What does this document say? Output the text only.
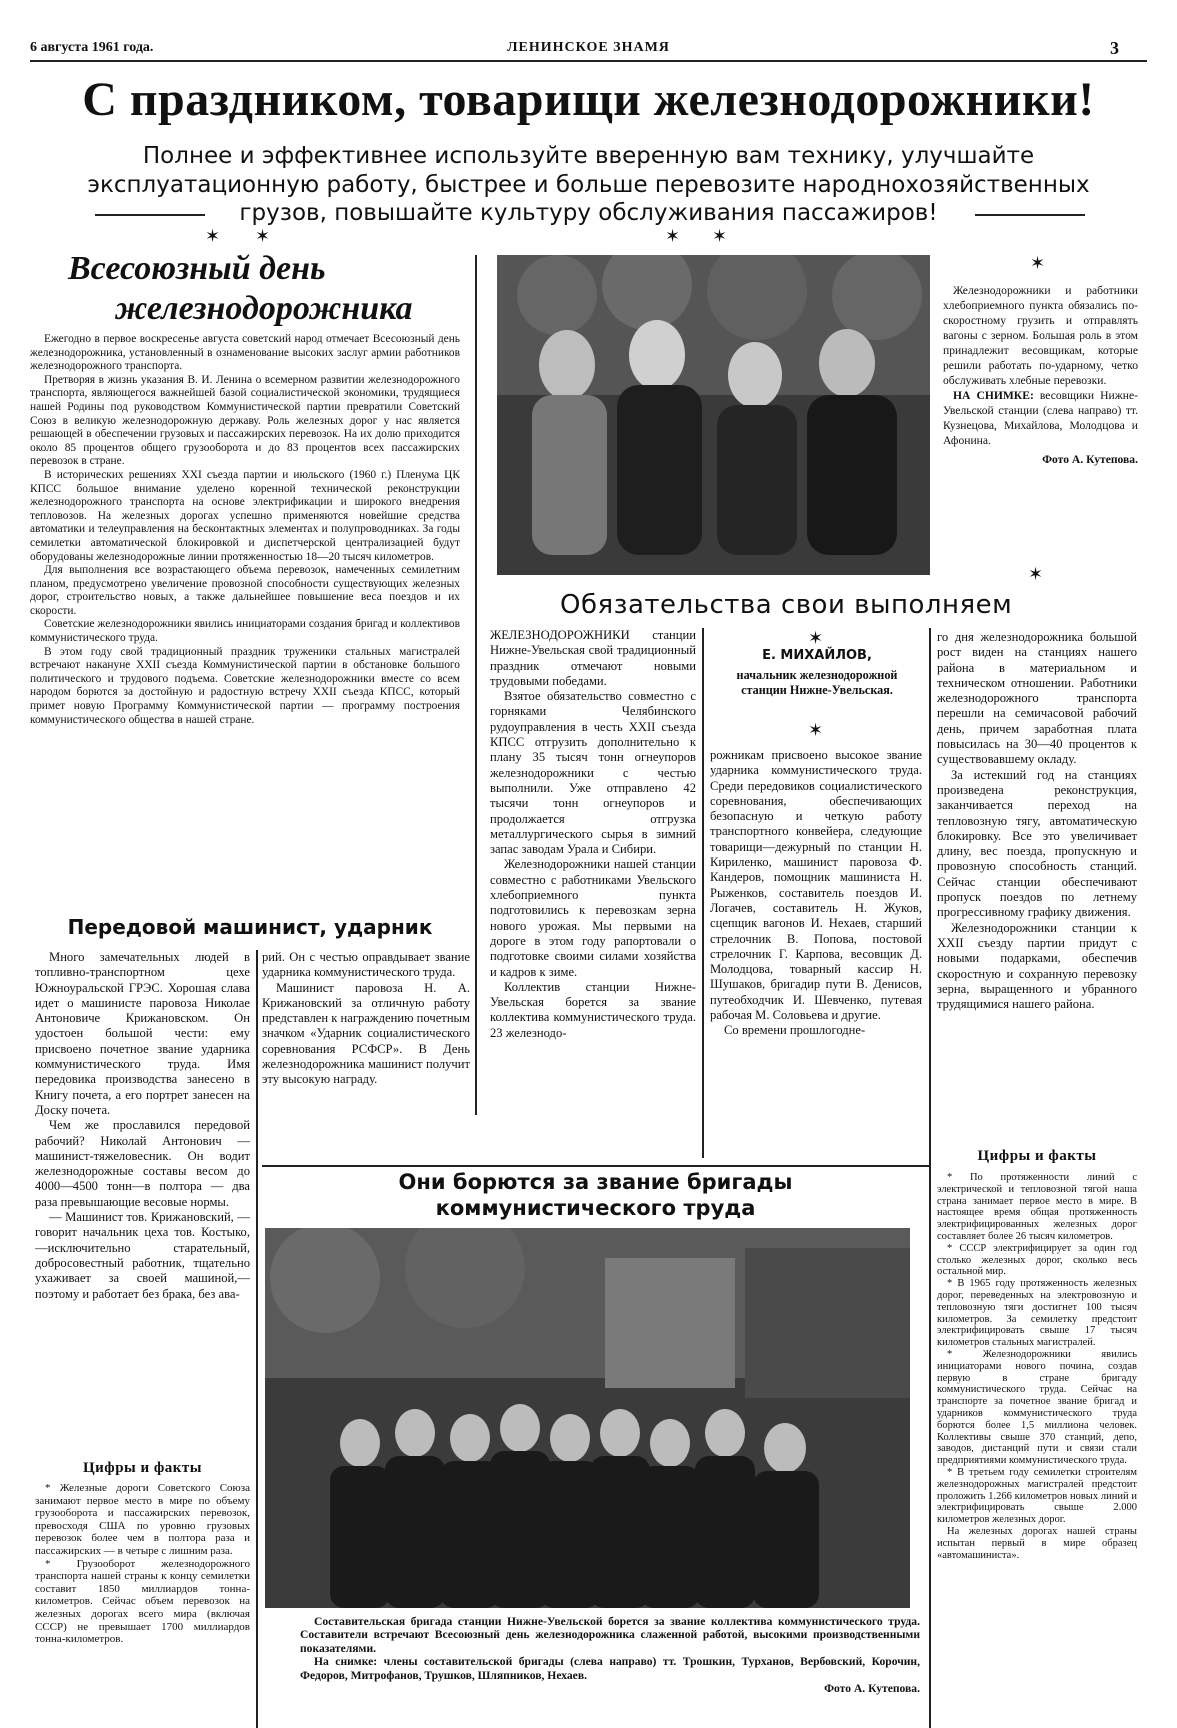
6 августа 1961 года.	ЛЕНИНСКОЕ ЗНАМЯ	3
С праздником, товарищи железнодорожники!
Полнее и эффективнее используйте вверенную вам технику, улучшайте
эксплуатационную работу, быстрее и больше перевозите народнохозяйственных
грузов, повышайте культуру обслуживания пассажиров!
✶ ✶	✶ ✶
Всесоюзный день
железнодорожника

Ежегодно в первое воскресенье августа советский народ отмечает Всесоюзный день железнодорожника, установленный в ознаменование высоких заслуг армии работников железнодорожного транспорта.

Претворяя в жизнь указания В. И. Ленина о всемерном развитии железнодорожного транспорта, являющегося важнейшей базой социалистической экономики, трудящиеся нашей Родины под руководством Коммунистической партии превратили Советский Союз в великую железнодорожную державу. Роль железных дорог у нас является решающей в обеспечении грузовых и пассажирских перевозок. На их долю приходится около 85 процентов общего грузооборота и до 83 процентов всех пассажирских перевозок в стране.

В исторических решениях XXI съезда партии и июльского (1960 г.) Пленума ЦК КПСС большое внимание уделено коренной технической реконструкции железнодорожного транспорта на основе электрификации и широкого внедрения тепловозов. На железных дорогах успешно применяются новейшие средства автоматики и телеуправления на бесконтактных элементах и полупроводниках. За годы семилетки автоматической блокировкой и диспетчерской централизацией будут оборудованы железнодорожные линии протяженностью 18—20 тысяч километров.

Для выполнения все возрастающего объема перевозок, намеченных семилетним планом, предусмотрено увеличение провозной способности существующих железных дорог, строительство новых, а также дальнейшее повышение веса поездов и их скорости.

Советские железнодорожники явились инициаторами создания бригад и коллективов коммунистического труда.

В этом году свой традиционный праздник труженики стальных магистралей встречают накануне XXII съезда Коммунистической партии в обстановке большого политического и трудового подъема. Советские железнодорожники вместе со всем народом борются за достойную и радостную встречу XXII съезда КПСС, который примет новую Программу Коммунистической партии — программу построения коммунистического общества в нашей стране.

✶

Железнодорожники и работники хлебоприемного пункта обязались по-скоростному грузить и отправлять вагоны с зерном. Большая роль в этом принадлежит весовщикам, которые решили работать по-ударному, четко обслуживать хлебные перевозки.

НА СНИМКЕ: весовщики Нижне-Увельской станции (слева направо) тт. Кузнецова, Михайлова, Молодцова и Афонина.

Фото А. Кутепова.

✶
Обязательства свои выполняем

ЖЕЛЕЗНОДОРОЖНИКИ станции Нижне-Увельская свой традиционный праздник отмечают новыми трудовыми победами.

Взятое обязательство совместно с горняками Челябинского рудоуправления в честь XXII съезда КПСС отгрузить дополнительно к плану 35 тысяч тонн огнеупоров железнодорожники с честью выполнили. Уже отправлено 42 тысячи тонн огнеупоров и продолжается отгрузка металлургического сырья в зимний запас заводам Урала и Сибири.

Железнодорожники нашей станции совместно с работниками Увельского хлебоприемного пункта подготовились к перевозкам зерна нового урожая. Мы первыми на дороге в этом году рапортовали о подготовке своими силами хозяйства и кадров к зиме.

Коллектив станции Нижне-Увельская борется за звание коллектива коммунистического труда. 23 железнодо-

✶
Е. МИХАЙЛОВ,
начальник железнодорожной станции Нижне-Увельская.
✶

рожникам присвоено высокое звание ударника коммунистического труда. Среди передовиков социалистического соревнования, обеспечивающих безопасную и четкую работу транспортного конвейера, следующие товарищи—дежурный по станции Н. Кириленко, машинист паровоза Ф. Кандеров, помощник машиниста Н. Рыженков, составитель поездов И. Логачев, составитель Н. Жуков, сцепщик вагонов И. Нехаев, старший стрелочник В. Попова, постовой стрелочник Г. Карпова, весовщик Д. Молодцова, товарный кассир Н. Шушаков, бригадир пути В. Денисов, путеобходчик И. Шевченко, путевая рабочая М. Соловьева и другие.

Со времени прошлогодне-

го дня железнодорожника большой рост виден на станциях нашего района в материальном и техническом отношении. Работники железнодорожного транспорта перешли на семичасовой рабочий день, причем заработная плата повысилась на 30—40 процентов к существовавшему окладу.

За истекший год на станциях произведена реконструкция, заканчивается переход на тепловозную тягу, автоматическую блокировку. Все это увеличивает длину, вес поезда, пропускную и провозную способность станций. Сейчас станции обеспечивают пропуск поездов по летнему прогрессивному графику движения.

Железнодорожники станции к XXII съезду партии придут с новыми подарками, обеспечив скоростную и сохранную перевозку зерна, выращенного и убранного трудящимися нашего района.

Передовой машинист, ударник

Много замечательных людей в топливно-транспортном цехе Южноуральской ГРЭС. Хорошая слава идет о машинисте паровоза Николае Антоновиче Крижановском. Он удостоен большой чести: ему присвоено почетное звание ударника коммунистического труда. Имя передовика производства занесено в Книгу почета, а его портрет занесен на Доску почета.

Чем же прославился передовой рабочий? Николай Антонович — машинист-тяжеловесник. Он водит железнодорожные составы весом до 4000—4500 тонн—в полтора — два раза превышающие весовые нормы.

— Машинист тов. Крижановский, —говорит начальник цеха тов. Костыко, —исключительно старательный, добросовестный работник, тщательно ухаживает за своей машиной,—поэтому и работает без брака, без ава-

рий. Он с честью оправдывает звание ударника коммунистического труда.

Машинист паровоза Н. А. Крижановский за отличную работу представлен к награждению почетным значком «Ударник социалистического соревнования РСФСР». В День железнодорожника машинист получит эту высокую награду.

Цифры и факты

* Железные дороги Советского Союза занимают первое место в мире по объему грузооборота и пассажирских перевозок, превосходя США по уровню грузовых перевозок более чем в полтора раза и пассажирских — в четыре с лишним раза.

* Грузооборот железнодорожного транспорта нашей страны к концу семилетки составит 1850 миллиардов тонна-километров. Сейчас объем перевозок на железных дорогах всего мира (включая СССР) не превышает 1700 миллиардов тонна-километров.

Они борются за звание бригады
коммунистического труда

Составительская бригада станции Нижне-Увельской борется за звание коллектива коммунистического труда. Составители встречают Всесоюзный день железнодорожника слаженной работой, высокими производственными показателями.

На снимке: члены составительской бригады (слева направо) тт. Трошкин, Турханов, Вербовский, Корочин, Федоров, Митрофанов, Трушков, Шляпников, Нехаев.

Фото А. Кутепова.

Цифры и факты

* По протяженности линий с электрической и тепловозной тягой наша страна занимает первое место в мире. В настоящее время общая протяженность электрифицированных железных дорог составляет более 26 тысяч километров.

* СССР электрифицирует за один год столько железных дорог, сколько весь остальной мир.

* В 1965 году протяженность железных дорог, переведенных на электровозную и тепловозную тяги достигнет 100 тысяч километров. За семилетку предстоит электрифицировать свыше 17 тысяч километров стальных магистралей.

* Железнодорожники явились инициаторами нового почина, создав первую в стране бригаду коммунистического труда. Сейчас на транспорте за почетное звание бригад и ударников коммунистического труда борются более 1,5 миллиона человек. Коллективы свыше 370 станций, депо, заводов, дистанций пути и связи стали предприятиями коммунистического труда.

* В третьем году семилетки строителям железнодорожных магистралей предстоит проложить 1.266 километров новых линий и электрифицировать свыше 2.000 километров железных дорог.

На железных дорогах нашей страны испытан первый в мире образец «автомашиниста».
